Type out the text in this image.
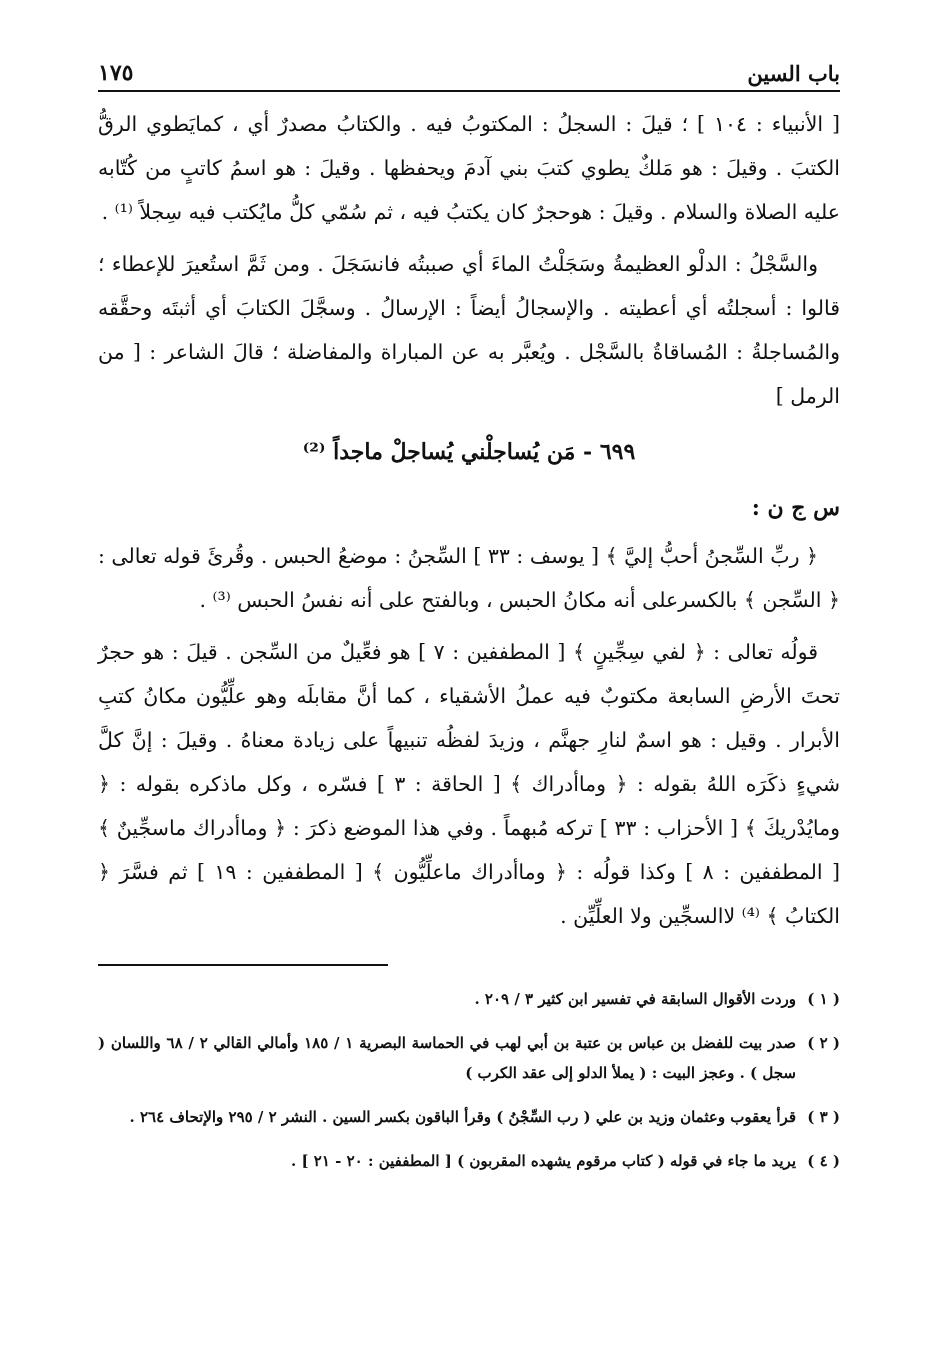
باب السين
١٧٥

[ الأنبياء : ١٠٤ ] ؛ قيلَ : السجلُ : المكتوبُ فيه . والكتابُ مصدرٌ أي ، كمايَطوي الرقُّ الكتبَ . وقيلَ : هو مَلكٌ يطوي كتبَ بني آدمَ ويحفظها . وقيلَ : هو اسمُ كاتبٍ من كُتّابه عليه الصلاة والسلام . وقيلَ : هوحجرٌ كان يكتبُ فيه ، ثم سُمّي كلُّ مايُكتب فيه سِجلاً ⁽¹⁾ .

والسَّجْلُ : الدلْو العظيمةُ وسَجَلْتُ الماءَ أي صببتُه فانسَجَلَ . ومن ثَمَّ استُعيرَ للإعطاء ؛ قالوا : أسجلتُه أي أعطيته . والإسجالُ أيضاً : الإرسالُ . وسجَّلَ الكتابَ أي أثبتَه وحقَّقه والمُساجلةُ : المُساقاةُ بالسَّجْل . ويُعبَّر به عن المباراة والمفاضلة ؛ قالَ الشاعر : [ من الرمل ]

٦٩٩ - مَن يُساجلْني يُساجلْ ماجداً ⁽²⁾
س ج ن :

﴿ ربِّ السِّجنُ أحبُّ إليَّ ﴾ [ يوسف : ٣٣ ] السِّجنُ : موضعُ الحبس . وقُرئَ قوله تعالى : ﴿ السِّجن ﴾ بالكسرعلى أنه مكانُ الحبس ، وبالفتح على أنه نفسُ الحبس ⁽³⁾ .

قولُه تعالى : ﴿ لفي سِجِّينٍ ﴾ [ المطففين : ٧ ] هو فعِّيلٌ من السِّجن . قيلَ : هو حجرٌ تحتَ الأرضِ السابعة مكتوبٌ فيه عملُ الأشقياء ، كما أنَّ مقابلَه وهو علِّيُّون مكانُ كتبِ الأبرار . وقيل : هو اسمٌ لنارِ جهنَّم ، وزيدَ لفظُه تنبيهاً على زيادة معناهُ . وقيلَ : إنَّ كلَّ شيءٍ ذكَرَه اللهُ بقوله : ﴿ وماأدراك ﴾ [ الحاقة : ٣ ] فسّره ، وكل ماذكره بقوله : ﴿ ومايُدْريكَ ﴾ [ الأحزاب : ٣٣ ] تركه مُبهماً . وفي هذا الموضع ذكرَ : ﴿ وماأدراك ماسجِّينٌ ﴾ [ المطففين : ٨ ] وكذا قولُه : ﴿ وماأدراك ماعلِّيُّون ﴾ [ المطففين : ١٩ ] ثم فسَّرَ ﴿ الكتابُ ﴾ ⁽⁴⁾ لاالسجِّين ولا العلِّيِّن .

( ١ )
وردت الأقوال السابقة في تفسير ابن كثير ٣ / ٢٠٩ .
( ٢ )
صدر بيت للفضل بن عباس بن عتبة بن أبي لهب في الحماسة البصرية ١ / ١٨٥ وأمالي القالي ٢ / ٦٨ واللسان ( سجل ) . وعجز البيت : ( يملأ الدلو إلى عقد الكرب )
( ٣ )
قرأ يعقوب وعثمان وزيد بن علي ( رب السِّجْنُ ) وقرأ الباقون بكسر السين . النشر ٢ / ٢٩٥ والإتحاف ٢٦٤ .
( ٤ )
يريد ما جاء في قوله ( كتاب مرقوم يشهده المقربون ) [ المطففين : ٢٠ - ٢١ ] .
